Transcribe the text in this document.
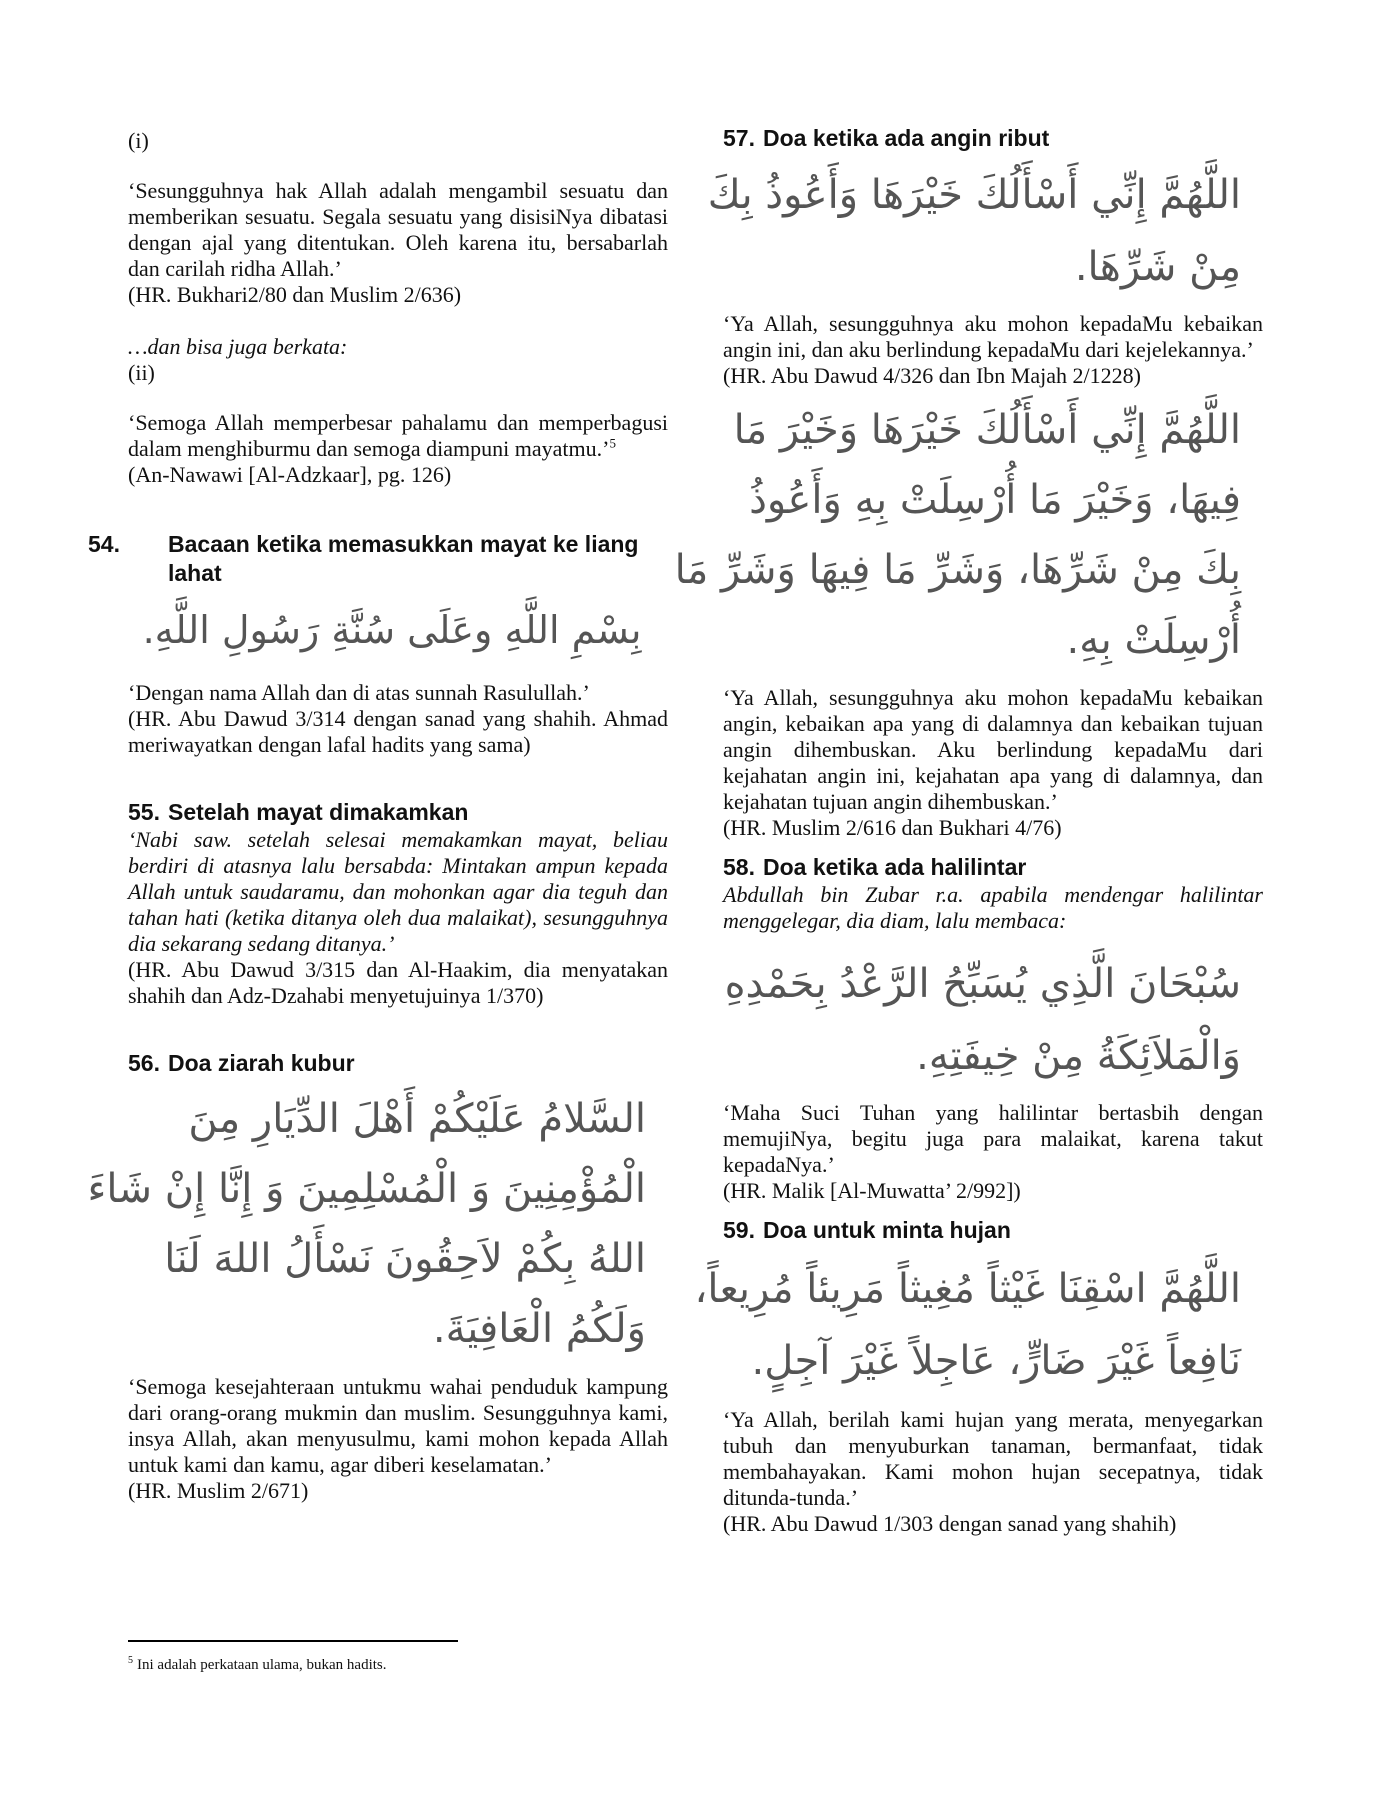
(i)

‘Sesungguhnya hak Allah adalah mengambil sesuatu dan memberikan sesuatu. Segala sesuatu yang disisiNya dibatasi dengan ajal yang ditentukan. Oleh karena itu, bersabarlah dan carilah ridha Allah.’

(HR. Bukhari2/80 dan Muslim 2/636)

…dan bisa juga berkata:

(ii)

‘Semoga Allah memperbesar pahalamu dan memperbagusi dalam menghiburmu dan semoga diampuni mayatmu.’$^5$

(An-Nawawi [Al-Adzkaar], pg. 126)

54. Bacaan ketika memasukkan mayat ke liang lahat
بِسْمِ اللَّهِ وعَلَى سُنَّةِ رَسُولِ اللَّهِ.

‘Dengan nama Allah dan di atas sunnah Rasulullah.’

(HR. Abu Dawud 3/314 dengan sanad yang shahih. Ahmad meriwayatkan dengan lafal hadits yang sama)

55. Setelah mayat dimakamkan

‘Nabi saw. setelah selesai memakamkan mayat, beliau berdiri di atasnya lalu bersabda: Mintakan ampun kepada Allah untuk saudaramu, dan mohonkan agar dia teguh dan tahan hati (ketika ditanya oleh dua malaikat), sesungguhnya dia sekarang sedang ditanya.’

(HR. Abu Dawud 3/315 dan Al-Haakim, dia menyatakan shahih dan Adz-Dzahabi menyetujuinya 1/370)

56. Doa ziarah kubur
السَّلامُ عَلَيْكُمْ أَهْلَ الدِّيَارِ مِنَ
الْمُؤْمِنِينَ وَ الْمُسْلِمِينَ وَ إِنَّا إِنْ شَاءَ
اللهُ بِكُمْ لاَحِقُونَ نَسْأَلُ اللهَ لَنَا
وَلَكُمُ الْعَافِيَةَ.

‘Semoga kesejahteraan untukmu wahai penduduk kampung dari orang-orang mukmin dan muslim. Sesungguhnya kami, insya Allah, akan menyusulmu, kami mohon kepada Allah untuk kami dan kamu, agar diberi keselamatan.’

(HR. Muslim 2/671)

57. Doa ketika ada angin ribut
اللَّهُمَّ إِنِّي أَسْأَلُكَ خَيْرَهَا وَأَعُوذُ بِكَ
مِنْ شَرِّهَا.

‘Ya Allah, sesungguhnya aku mohon kepadaMu kebaikan angin ini, dan aku berlindung kepadaMu dari kejelekannya.’

(HR. Abu Dawud 4/326 dan Ibn Majah 2/1228)

اللَّهُمَّ إِنِّي أَسْأَلُكَ خَيْرَهَا وَخَيْرَ مَا
فِيهَا، وَخَيْرَ مَا أُرْسِلَتْ بِهِ وَأَعُوذُ
بِكَ مِنْ شَرِّهَا، وَشَرِّ مَا فِيهَا وَشَرِّ مَا
أُرْسِلَتْ بِهِ.

‘Ya Allah, sesungguhnya aku mohon kepadaMu kebaikan angin, kebaikan apa yang di dalamnya dan kebaikan tujuan angin dihembuskan. Aku berlindung kepadaMu dari kejahatan angin ini, kejahatan apa yang di dalamnya, dan kejahatan tujuan angin dihembuskan.’

(HR. Muslim 2/616 dan Bukhari 4/76)

58. Doa ketika ada halilintar

Abdullah bin Zubar r.a. apabila mendengar halilintar menggelegar, dia diam, lalu membaca:

سُبْحَانَ الَّذِي يُسَبِّحُ الرَّعْدُ بِحَمْدِهِ
وَالْمَلاَئِكَةُ مِنْ خِيفَتِهِ.

‘Maha Suci Tuhan yang halilintar bertasbih dengan memujiNya, begitu juga para malaikat, karena takut kepadaNya.’

(HR. Malik [Al-Muwatta’ 2/992])

59. Doa untuk minta hujan
اللَّهُمَّ اسْقِنَا غَيْثاً مُغِيثاً مَرِيئاً مُرِيعاً،
نَافِعاً غَيْرَ ضَارٍّ، عَاجِلاً غَيْرَ آجِلٍ.

‘Ya Allah, berilah kami hujan yang merata, menyegarkan tubuh dan menyuburkan tanaman, bermanfaat, tidak membahayakan. Kami mohon hujan secepatnya, tidak ditunda-tunda.’

(HR. Abu Dawud 1/303 dengan sanad yang shahih)

$^5$ Ini adalah perkataan ulama, bukan hadits.
